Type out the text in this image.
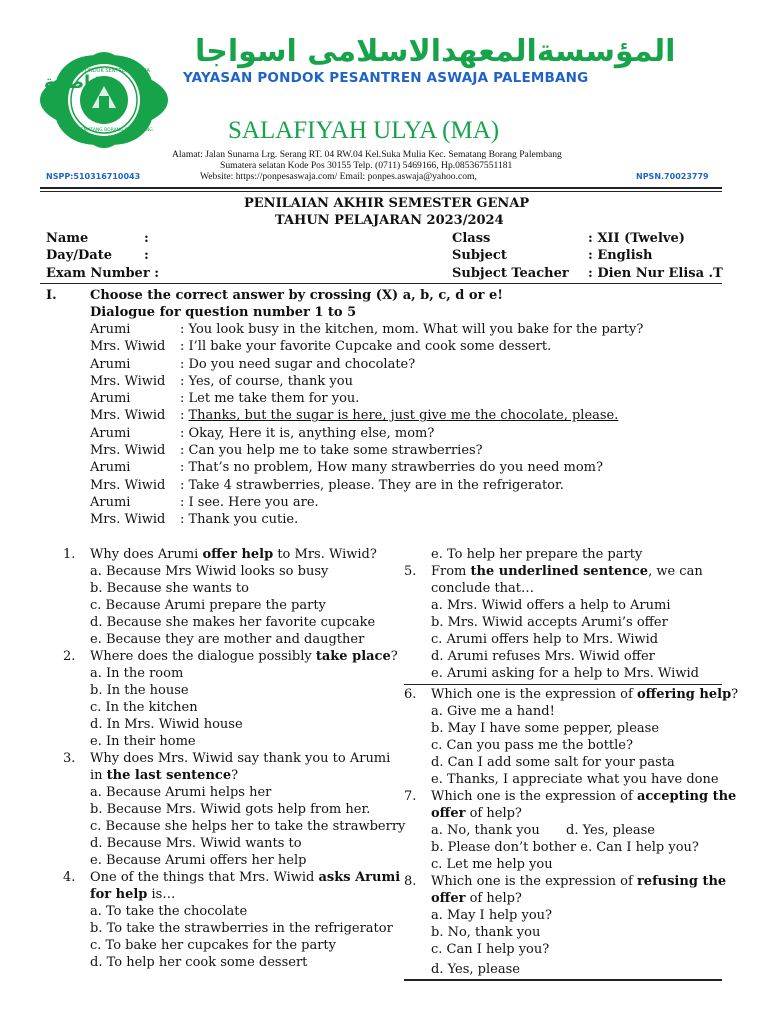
فاطمة
PONDOK SENTREN ASWAJA
SEMATANG BORANG PALEMBANG
المؤسسةالمعهدالاسلامى اسواجا
YAYASAN PONDOK PESANTREN ASWAJA PALEMBANG
SALAFIYAH ULYA (MA)
Alamat: Jalan Sunarna Lrg. Serang RT. 04 RW.04 Kel.Suka Mulia Kec. Sematang Borang Palembang
Sumatera selatan Kode Pos 30155 Telp. (0711) 5469166, Hp.085367551181
Website: https://ponpesaswaja.com/ Email: ponpes.aswaja@yahoo.com,
NSPP:510316710043	NPSN.70023779
PENILAIAN AKHIR SEMESTER GENAP
TAHUN PELAJARAN 2023/2024
Name	:
Day/Date :
Exam Number :
Class	: XII (Twelve)
Subject	: English
Subject Teacher : Dien Nur Elisa .T
I.	Choose the correct answer by crossing (X) a, b, c, d or e!
Dialogue for question number 1 to 5
Arumi	: You look busy in the kitchen, mom. What will you bake for the party?
Mrs. Wiwid : I’ll bake your favorite Cupcake and cook some dessert.
Arumi	: Do you need sugar and chocolate?
Mrs. Wiwid : Yes, of course, thank you
Arumi	: Let me take them for you.
Mrs. Wiwid : Thanks, but the sugar is here, just give me the chocolate, please.
Arumi	: Okay, Here it is, anything else, mom?
Mrs. Wiwid : Can you help me to take some strawberries?
Arumi	: That’s no problem, How many strawberries do you need mom?
Mrs. Wiwid : Take 4 strawberries, please. They are in the refrigerator.
Arumi	: I see. Here you are.
Mrs. Wiwid : Thank you cutie.
1. Why does Arumi offer help to Mrs. Wiwid?
a. Because Mrs Wiwid looks so busy
b. Because she wants to
c. Because Arumi prepare the party
d. Because she makes her favorite cupcake
e. Because they are mother and daugther
2. Where does the dialogue possibly take place?
a. In the room
b. In the house
c. In the kitchen
d. In Mrs. Wiwid house
e. In their home
3. Why does Mrs. Wiwid say thank you to Arumi
in the last sentence?
a. Because Arumi helps her
b. Because Mrs. Wiwid gots help from her.
c. Because she helps her to take the strawberry
d. Because Mrs. Wiwid wants to
e. Because Arumi offers her help
4. One of the things that Mrs. Wiwid asks Arumi
for help is…
a. To take the chocolate
b. To take the strawberries in the refrigerator
c. To bake her cupcakes for the party
d. To help her cook some dessert
e. To help her prepare the party
5. From the underlined sentence, we can
conclude that…
a. Mrs. Wiwid offers a help to Arumi
b. Mrs. Wiwid accepts Arumi’s offer
c. Arumi offers help to Mrs. Wiwid
d. Arumi refuses Mrs. Wiwid offer
e. Arumi asking for a help to Mrs. Wiwid
6. Which one is the expression of offering help?
a. Give me a hand!
b. May I have some pepper, please
c. Can you pass me the bottle?
d. Can I add some salt for your pasta
e. Thanks, I appreciate what you have done
7. Which one is the expression of accepting the
offer of help?
a. No, thank you d. Yes, please
b. Please don’t bother e. Can I help you?
c. Let me help you
8. Which one is the expression of refusing the
offer of help?
a. May I help you?
b. No, thank you
c. Can I help you?
d. Yes, please
